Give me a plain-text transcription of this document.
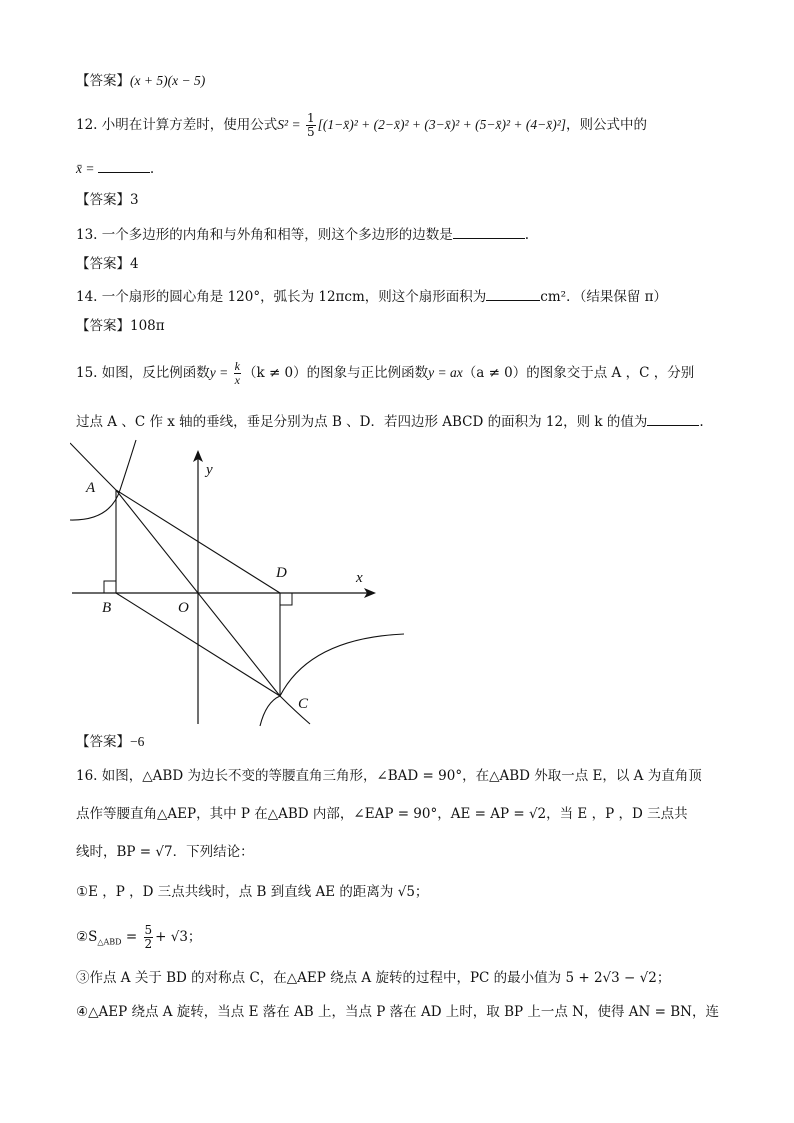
【答案】(x + 5)(x − 5)
12. 小明在计算方差时，使用公式$S^2 = \frac{1}{5}$ [(1−x̄)² + (2−x̄)² + (3−x̄)² + (5−x̄)² + (4−x̄)²]，则公式中的
x̄ =	.
【答案】3
13. 一个多边形的内角和与外角和相等，则这个多边形的边数是	.
【答案】4
14. 一个扇形的圆心角是 120°，弧长为 12πcm，则这个扇形面积为	cm²．（结果保留 π）
【答案】108π
15. 如图，反比例函数$y = \frac{k}{x} (k \ne 0)$的图象与正比例函数y = ax（a ≠ 0）的图象交于点 A ，C ，分别
过点 A 、C 作 x 轴的垂线，垂足分别为点 B 、D．若四边形 ABCD 的面积为 12，则 k 的值为	.
A
B	O
D
C
x
y
【答案】−6
16. 如图，△ABD 为边长不变的等腰直角三角形，∠BAD = 90°，在△ABD 外取一点 E，以 A 为直角顶
点作等腰直角△AEP，其中 P 在△ABD 内部，∠EAP = 90°，AE = AP = √2，当 E ，P ，D 三点共
线时，BP = √7．下列结论：
①E ，P ，D 三点共线时，点 B 到直线 AE 的距离为 √5；
$②S_{\triangle ABD} = \frac{5}{2} + √3$；
③作点 A 关于 BD 的对称点 C，在△AEP 绕点 A 旋转的过程中，PC 的最小值为 5 + 2√3 − √2；
④△AEP 绕点 A 旋转，当点 E 落在 AB 上，当点 P 落在 AD 上时，取 BP 上一点 N，使得 AN = BN，连
